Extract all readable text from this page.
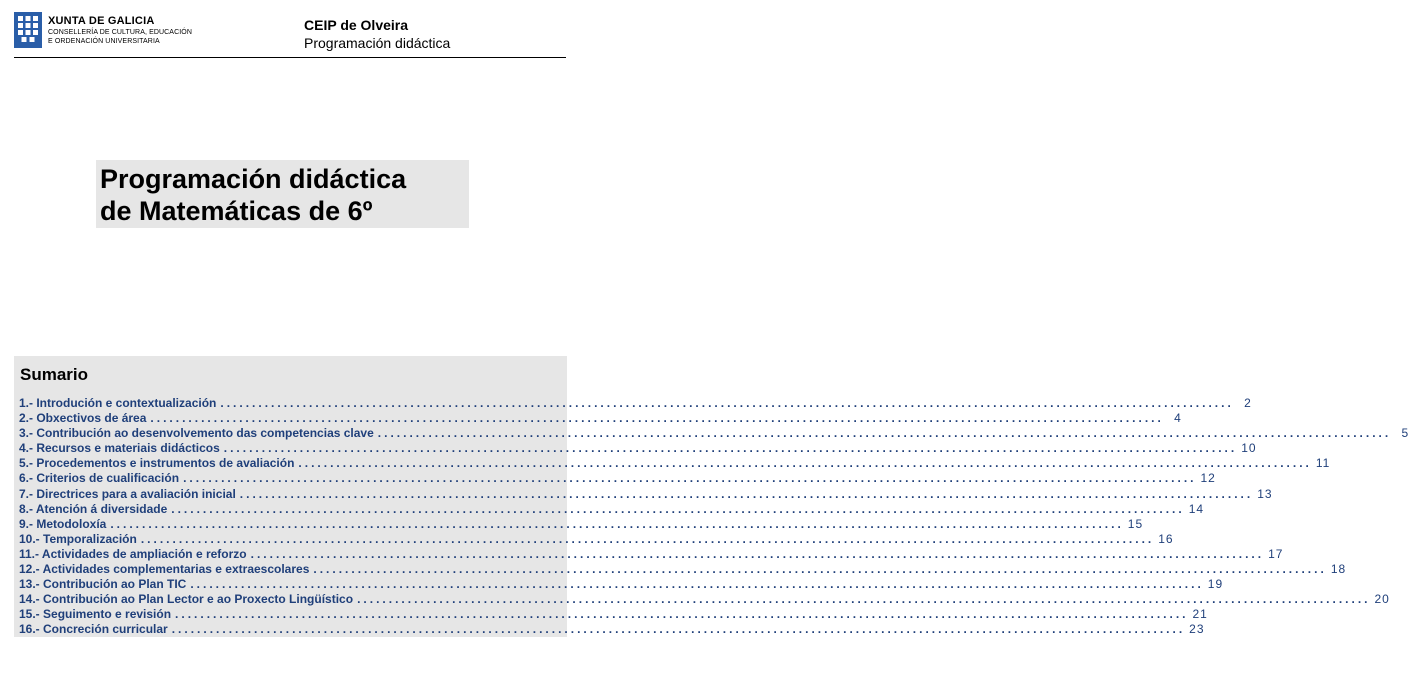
XUNTA DE GALICIA
CONSELLERÍA DE CULTURA, EDUCACIÓN
E ORDENACIÓN UNIVERSITARIA
CEIP de Olveira
Programación didáctica
Programación didáctica
de Matemáticas de 6º
Sumario
1.- Introdución e contextualización ................................................................................................................................................................ 2
2.- Obxectivos de área ................................................................................................................................................................ 4
3.- Contribución ao desenvolvemento das competencias clave ................................................................................................................................................................ 5
4.- Recursos e materiais didácticos ................................................................................................................................................................ 10
5.- Procedementos e instrumentos de avaliación ................................................................................................................................................................ 11
6.- Criterios de cualificación ................................................................................................................................................................ 12
7.- Directrices para a avaliación inicial ................................................................................................................................................................ 13
8.- Atención á diversidade ................................................................................................................................................................ 14
9.- Metodoloxía ................................................................................................................................................................ 15
10.- Temporalización ................................................................................................................................................................ 16
11.- Actividades de ampliación e reforzo ................................................................................................................................................................ 17
12.- Actividades complementarias e extraescolares ................................................................................................................................................................ 18
13.- Contribución ao Plan TIC ................................................................................................................................................................ 19
14.- Contribución ao Plan Lector e ao Proxecto Lingüístico ................................................................................................................................................................ 20
15.- Seguimento e revisión ................................................................................................................................................................ 21
16.- Concreción curricular ................................................................................................................................................................ 23
